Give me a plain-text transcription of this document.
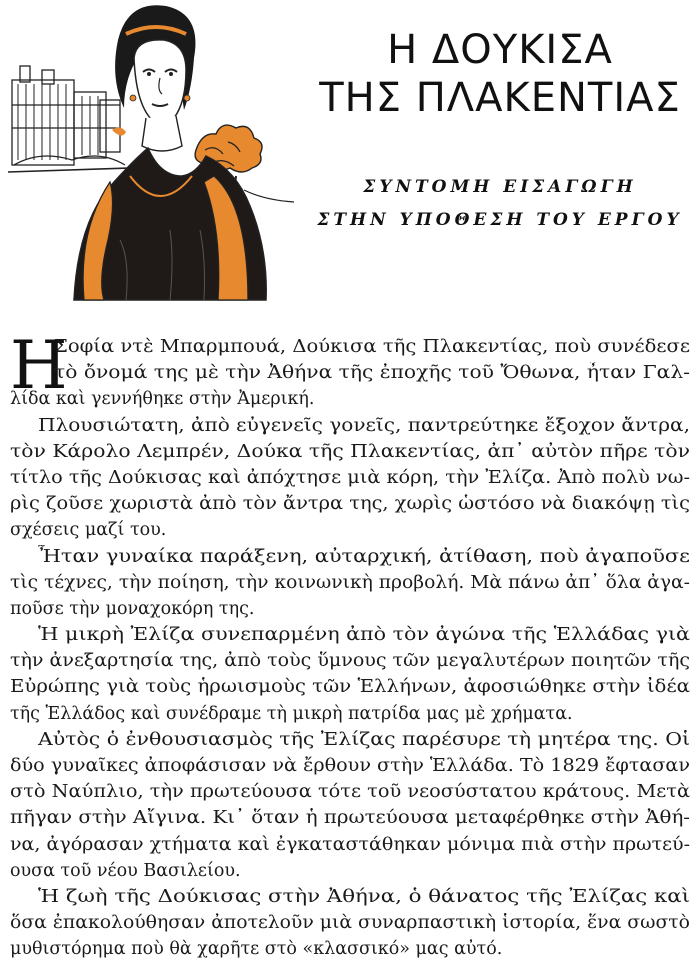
Η ΔΟΥΚΙΣΑ
ΤΗΣ ΠΛΑΚΕΝΤΙΑΣ
ΣΥΝΤΟΜΗ ΕΙΣΑΓΩΓΗ
ΣΤΗΝ ΥΠΟΘΕΣΗ ΤΟΥ ΕΡΓΟΥ
Η
Σοφία ντὲ Μπαρμπουά, Δούκισα τῆς Πλακεντίας, ποὺ συνέδεσε
τὸ ὄνομά της μὲ τὴν Ἀθήνα τῆς ἐποχῆς τοῦ Ὄθωνα, ἦταν Γαλ-
λίδα καὶ γεννήθηκε στὴν Ἀμερική.
Πλουσιώτατη, ἀπὸ εὐγενεῖς γονεῖς, παντρεύτηκε ἔξοχον ἄντρα,
τὸν Κάρολο Λεμπρέν, Δούκα τῆς Πλακεντίας, ἀπ᾽ αὐτὸν πῆρε τὸν
τίτλο τῆς Δούκισας καὶ ἀπόχτησε μιὰ κόρη, τὴν Ἐλίζα. Ἀπὸ πολὺ νω-
ρὶς ζοῦσε χωριστὰ ἀπὸ τὸν ἄντρα της, χωρὶς ὡστόσο νὰ διακόψῃ τὶς
σχέσεις μαζί του.
Ἦταν γυναίκα παράξενη, αὐταρχική, ἀτίθαση, ποὺ ἀγαποῦσε
τὶς τέχνες, τὴν ποίηση, τὴν κοινωνικὴ προβολή. Μὰ πάνω ἀπ᾽ ὅλα ἀγα-
ποῦσε τὴν μοναχοκόρη της.
Ἡ μικρὴ Ἐλίζα συνεπαρμένη ἀπὸ τὸν ἀγώνα τῆς Ἑλλάδας γιὰ
τὴν ἀνεξαρτησία της, ἀπὸ τοὺς ὕμνους τῶν μεγαλυτέρων ποιητῶν τῆς
Εὐρώπης γιὰ τοὺς ἡρωισμοὺς τῶν Ἑλλήνων, ἀφοσιώθηκε στὴν ἰδέα
τῆς Ἑλλάδος καὶ συνέδραμε τὴ μικρὴ πατρίδα μας μὲ χρήματα.
Αὐτὸς ὁ ἐνθουσιασμὸς τῆς Ἐλίζας παρέσυρε τὴ μητέρα της. Οἱ
δύο γυναῖκες ἀποφάσισαν νὰ ἔρθουν στὴν Ἑλλάδα. Τὸ 1829 ἔφτασαν
στὸ Ναύπλιο, τὴν πρωτεύουσα τότε τοῦ νεοσύστατου κράτους. Μετὰ
πῆγαν στὴν Αἴγινα. Κι᾽ ὅταν ἡ πρωτεύουσα μεταφέρθηκε στὴν Ἀθή-
να, ἀγόρασαν χτήματα καὶ ἐγκαταστάθηκαν μόνιμα πιὰ στὴν πρωτεύ-
ουσα τοῦ νέου Βασιλείου.
Ἡ ζωὴ τῆς Δούκισας στὴν Ἀθήνα, ὁ θάνατος τῆς Ἐλίζας καὶ
ὅσα ἐπακολούθησαν ἀποτελοῦν μιὰ συναρπαστικὴ ἱστορία, ἕνα σωστὸ
μυθιστόρημα ποὺ θὰ χαρῆτε στὸ «κλασσικό» μας αὐτό.
